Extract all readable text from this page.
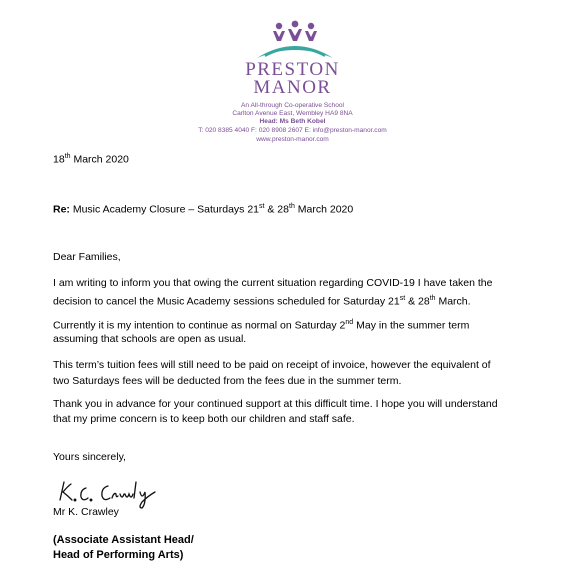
PRESTON
MANOR
An All-through Co-operative School
Carlton Avenue East, Wembley HA9 8NA
Head: Ms Beth Kobel
T: 020 8385 4040 F: 020 8908 2607 E: info@preston-manor.com
www.preston-manor.com
18th March 2020
Re: Music Academy Closure – Saturdays 21st & 28th March 2020
Dear Families,
I am writing to inform you that owing the current situation regarding COVID-19 I have taken the
decision to cancel the Music Academy sessions scheduled for Saturday 21st & 28th March.
Currently it is my intention to continue as normal on Saturday 2nd May in the summer term
assuming that schools are open as usual.
This term’s tuition fees will still need to be paid on receipt of invoice, however the equivalent of
two Saturdays fees will be deducted from the fees due in the summer term.
Thank you in advance for your continued support at this difficult time. I hope you will understand
that my prime concern is to keep both our children and staff safe.
Yours sincerely,
Mr K. Crawley
(Associate Assistant Head/
Head of Performing Arts)
